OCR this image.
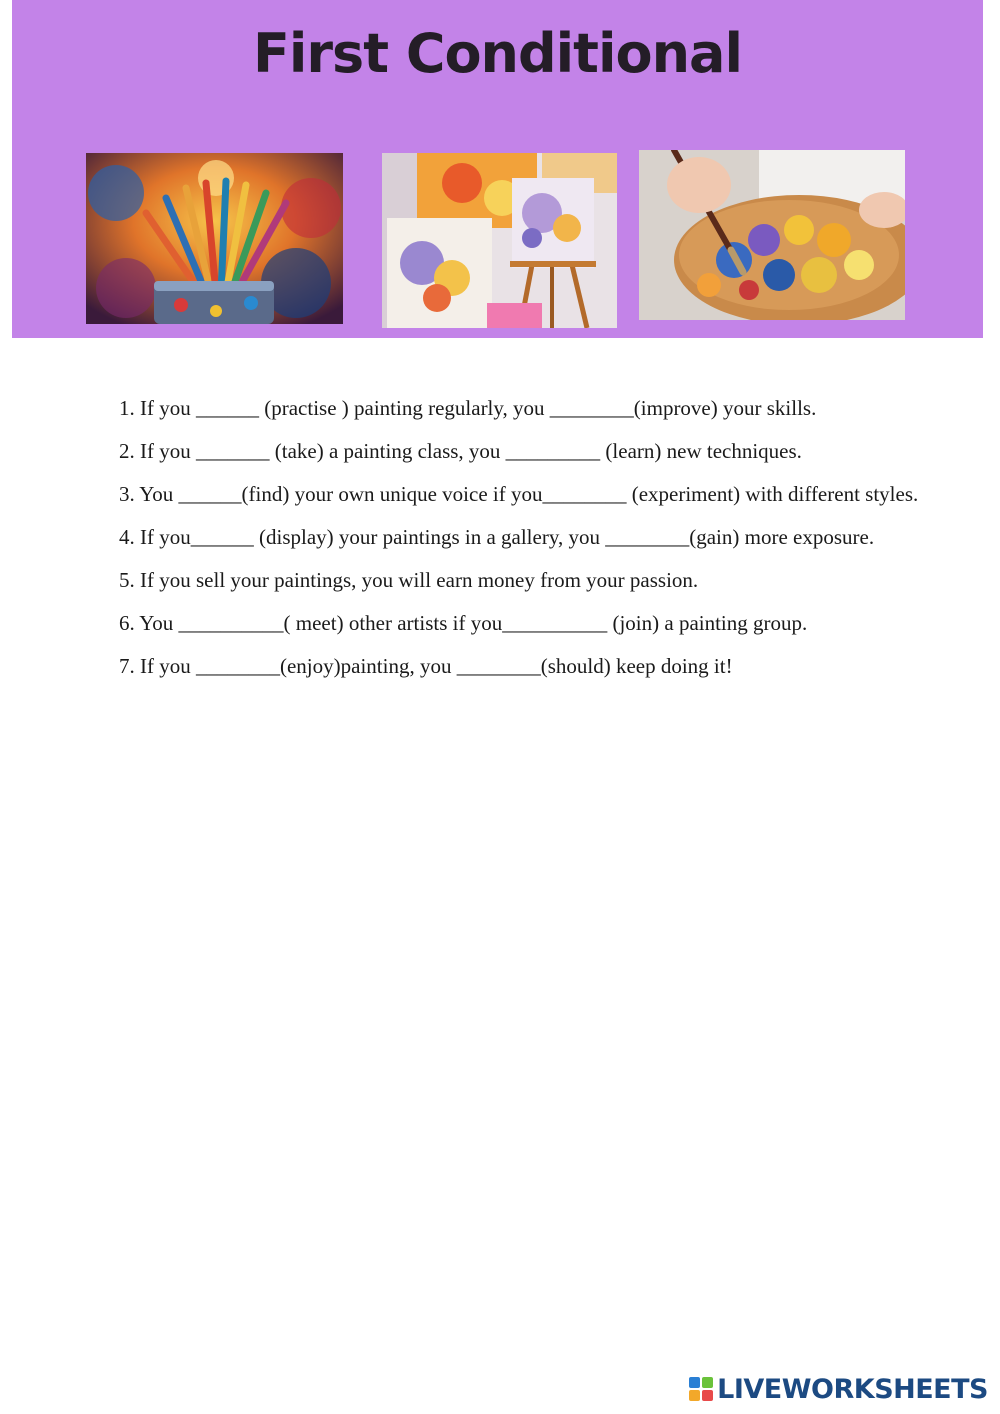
First Conditional

1. If you ______ (practise ) painting regularly, you ________(improve) your skills.

2. If you _______ (take) a painting class, you _________ (learn) new techniques.

3. You ______(find) your own unique voice if you________ (experiment) with different styles.

4. If you______ (display) your paintings in a gallery, you ________(gain) more exposure.

5. If you sell your paintings, you will earn money from your passion.

6. You __________( meet) other artists if you__________ (join) a painting group.

7. If you ________(enjoy)painting, you ________(should) keep doing it!

LIVEWORKSHEETS
